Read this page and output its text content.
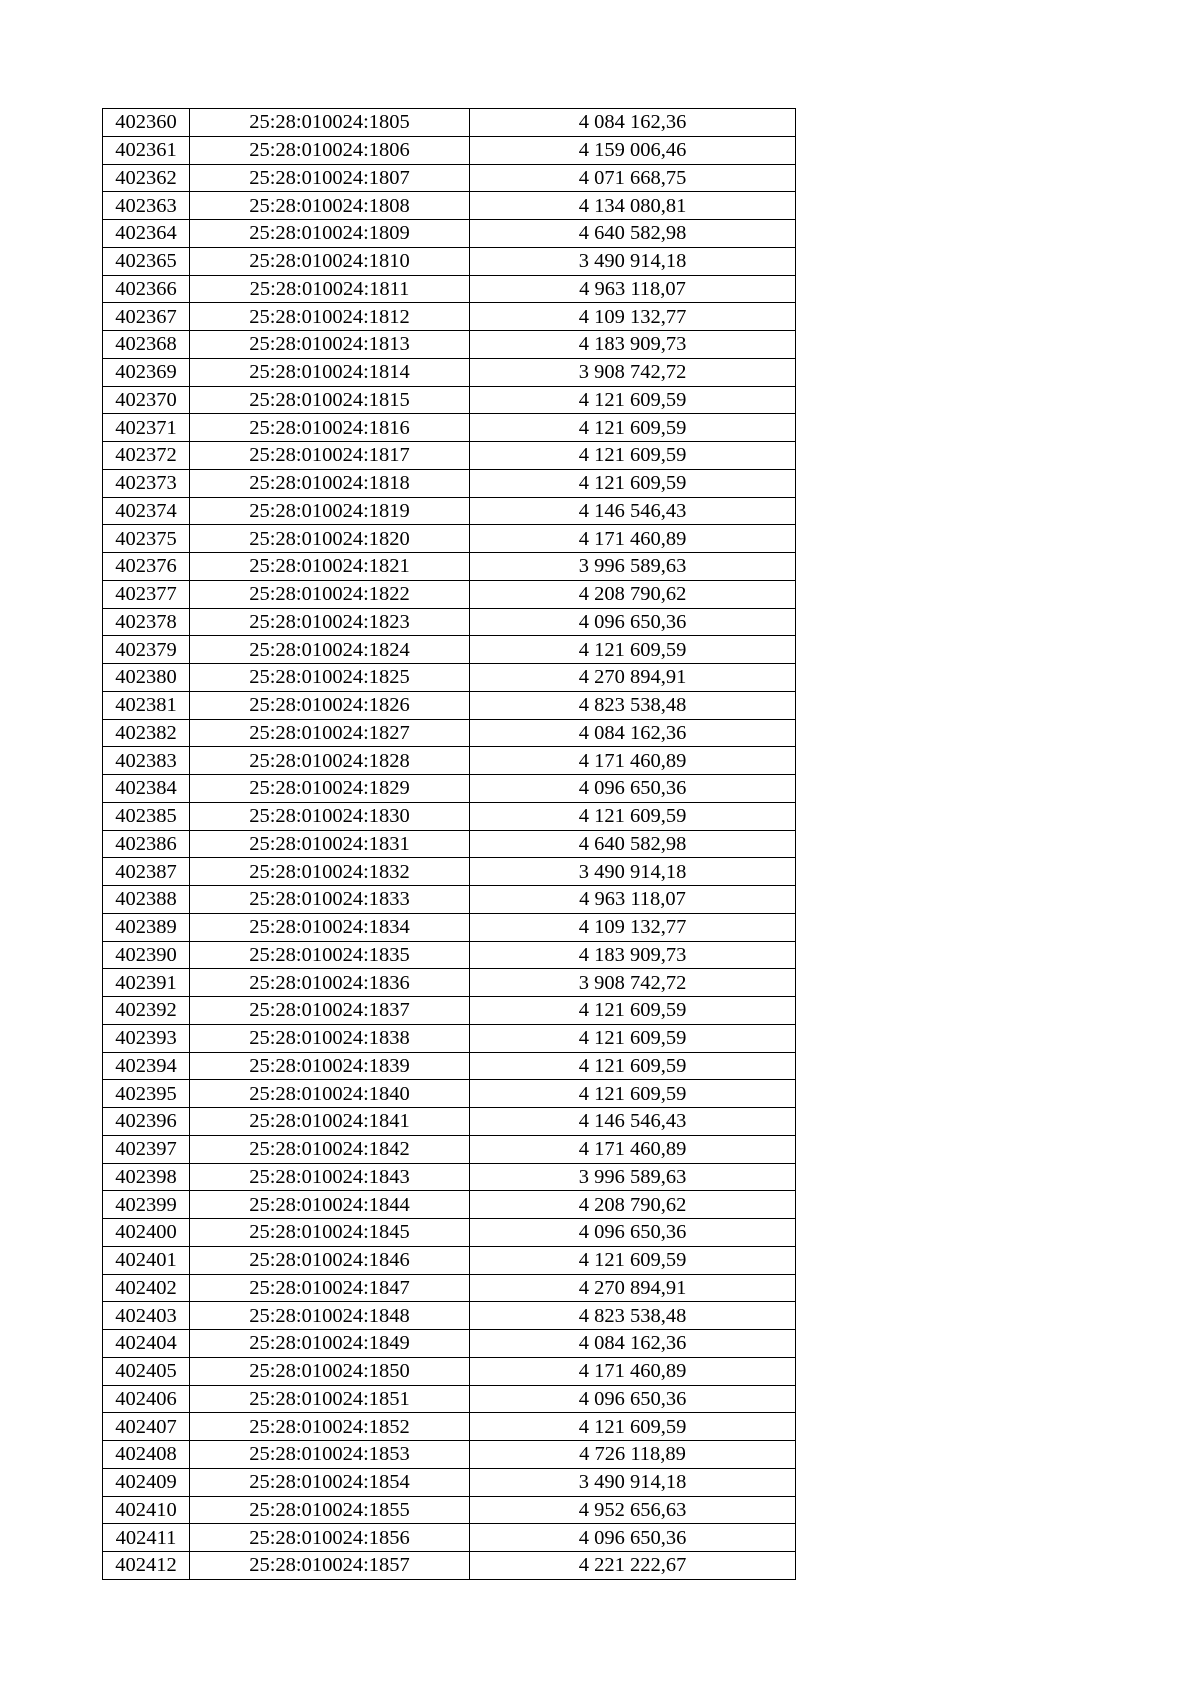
402360	25:28:010024:1805	4 084 162,36
402361	25:28:010024:1806	4 159 006,46
402362	25:28:010024:1807	4 071 668,75
402363	25:28:010024:1808	4 134 080,81
402364	25:28:010024:1809	4 640 582,98
402365	25:28:010024:1810	3 490 914,18
402366	25:28:010024:1811	4 963 118,07
402367	25:28:010024:1812	4 109 132,77
402368	25:28:010024:1813	4 183 909,73
402369	25:28:010024:1814	3 908 742,72
402370	25:28:010024:1815	4 121 609,59
402371	25:28:010024:1816	4 121 609,59
402372	25:28:010024:1817	4 121 609,59
402373	25:28:010024:1818	4 121 609,59
402374	25:28:010024:1819	4 146 546,43
402375	25:28:010024:1820	4 171 460,89
402376	25:28:010024:1821	3 996 589,63
402377	25:28:010024:1822	4 208 790,62
402378	25:28:010024:1823	4 096 650,36
402379	25:28:010024:1824	4 121 609,59
402380	25:28:010024:1825	4 270 894,91
402381	25:28:010024:1826	4 823 538,48
402382	25:28:010024:1827	4 084 162,36
402383	25:28:010024:1828	4 171 460,89
402384	25:28:010024:1829	4 096 650,36
402385	25:28:010024:1830	4 121 609,59
402386	25:28:010024:1831	4 640 582,98
402387	25:28:010024:1832	3 490 914,18
402388	25:28:010024:1833	4 963 118,07
402389	25:28:010024:1834	4 109 132,77
402390	25:28:010024:1835	4 183 909,73
402391	25:28:010024:1836	3 908 742,72
402392	25:28:010024:1837	4 121 609,59
402393	25:28:010024:1838	4 121 609,59
402394	25:28:010024:1839	4 121 609,59
402395	25:28:010024:1840	4 121 609,59
402396	25:28:010024:1841	4 146 546,43
402397	25:28:010024:1842	4 171 460,89
402398	25:28:010024:1843	3 996 589,63
402399	25:28:010024:1844	4 208 790,62
402400	25:28:010024:1845	4 096 650,36
402401	25:28:010024:1846	4 121 609,59
402402	25:28:010024:1847	4 270 894,91
402403	25:28:010024:1848	4 823 538,48
402404	25:28:010024:1849	4 084 162,36
402405	25:28:010024:1850	4 171 460,89
402406	25:28:010024:1851	4 096 650,36
402407	25:28:010024:1852	4 121 609,59
402408	25:28:010024:1853	4 726 118,89
402409	25:28:010024:1854	3 490 914,18
402410	25:28:010024:1855	4 952 656,63
402411	25:28:010024:1856	4 096 650,36
402412	25:28:010024:1857	4 221 222,67
